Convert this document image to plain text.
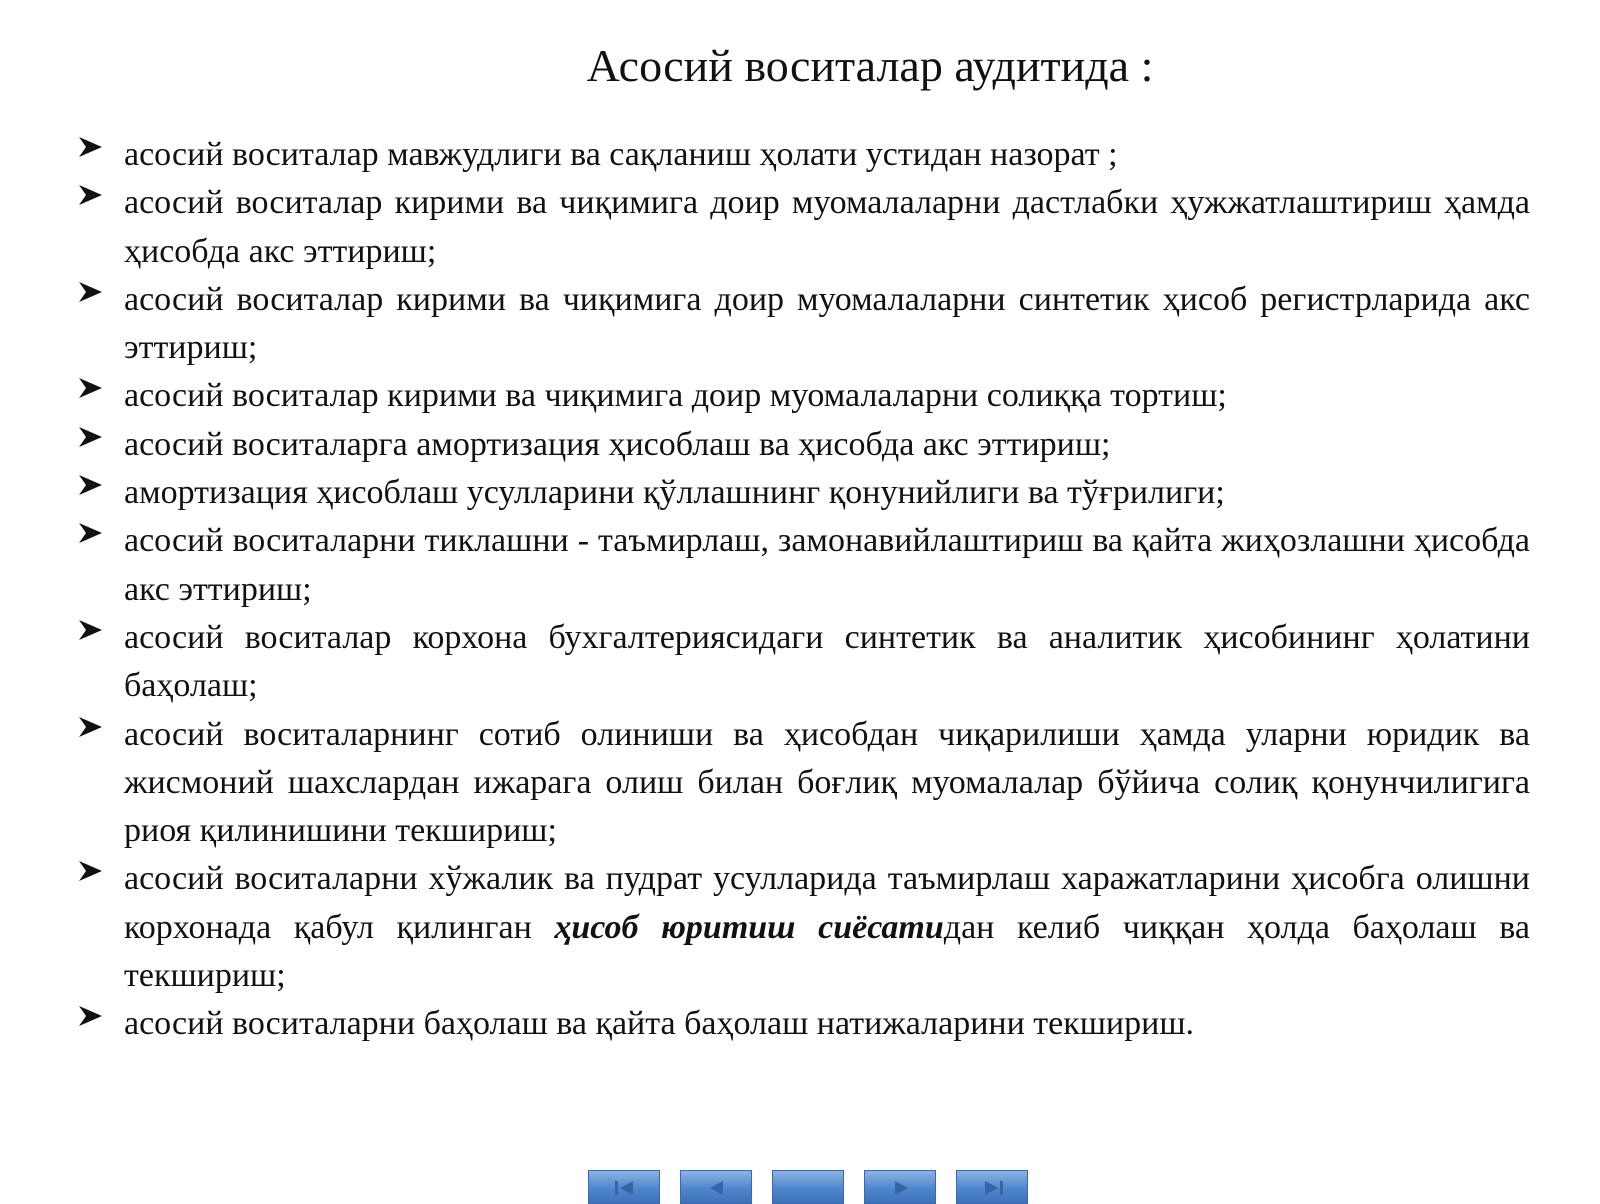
Асосий воситалар аудитида :
асосий воситалар мавжудлиги ва сақланиш ҳолати устидан назорат ;
асосий воситалар кирими ва чиқимига доир муомалаларни дастлабки ҳужжатлаштириш ҳамда ҳисобда акс эттириш;
асосий воситалар кирими ва чиқимига доир муомалаларни синтетик ҳисоб регистрларида акс эттириш;
асосий воситалар кирими ва чиқимига доир муомалаларни солиққа тортиш;
асосий воситаларга амортизация ҳисоблаш ва ҳисобда акс эттириш;
амортизация ҳисоблаш усулларини қўллашнинг қонунийлиги ва тўғрилиги;
асосий воситаларни тиклашни - таъмирлаш, замонавийлаштириш ва қайта жиҳозлашни ҳисобда акс эттириш;
асосий воситалар корхона бухгалтериясидаги синтетик ва аналитик ҳисобининг ҳолатини баҳолаш;
асосий воситаларнинг сотиб олиниши ва ҳисобдан чиқарилиши ҳамда уларни юридик ва жисмоний шахслардан ижарага олиш билан боғлиқ муомалалар бўйича солиқ қонунчилигига риоя қилинишини текшириш;
асосий воситаларни хўжалик ва пудрат усулларида таъмирлаш харажатларини ҳисобга олишни корхонада қабул қилинган ҳисоб юритиш сиёсатидан келиб чиққан ҳолда баҳолаш ва текшириш;
асосий воситаларни баҳолаш ва қайта баҳолаш натижаларини текшириш.
